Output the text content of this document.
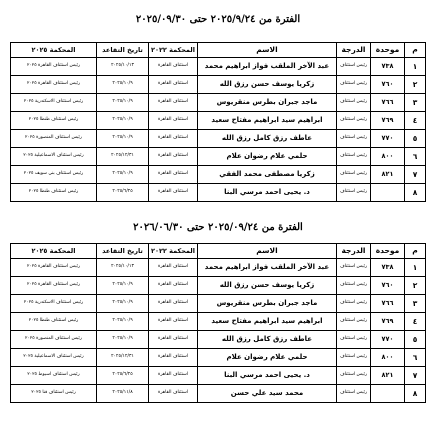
الفترة من ٢٠٢٥/٩/٢٤ حتى ٢٠٢٥/٠٩/٣٠
م	موحدة	الدرجة	الاسم	المحكمة ٢٠٢٢	تاريخ التقاعد	المحكمة ٢٠٢٥
١	٧٣٨	رئيس استئناف	عبد الآخر الملقب فواز ابراهيم محمد	استئناف القاهرة	٢٠٢٥/١٠/١٣	رئيس استئناف القاهرة ٢٠٢٥
٢	٧٦٠	رئيس استئناف	زكريا يوسف حسن رزق الله	استئناف القاهرة	٢٠٢٥/١٠/٩	رئيس استئناف القاهرة ٢٠٢٥
٣	٧٦٦	رئيس استئناف	ماجد جبران بطرس منقريوس	استئناف القاهرة	٢٠٢٥/١٠/٩	رئيس استئناف الاسكندرية ٢٠٢٥
٤	٧٦٩	رئيس استئناف	ابراهيم سيد ابراهيم مفتاح سعيد	استئناف القاهرة	٢٠٢٥/١٠/٩	رئيس استئناف طنطا ٢٠٢٥
٥	٧٧٠	رئيس استئناف	عاطف رزق كامل رزق الله	استئناف القاهرة	٢٠٢٥/١٠/٩	رئيس استئناف المنصورة ٢٠٢٥
٦	٨٠٠	رئيس استئناف	حلمي علام رضوان علام	استئناف القاهرة	٢٠٢٥/١٢/٣١	رئيس استئناف الاسماعيلية ٢٠٢٥
٧	٨٢١	رئيس استئناف	زكريا مصطفى محمد الفقي	استئناف القاهرة	٢٠٢٥/١٠/٩	رئيس استئناف بني سويف ٢٠٢٥
٨		رئيس استئناف	د. يحيى احمد مرسي البنا	استئناف القاهرة	٢٠٢٥/٦/٢٥	رئيس استئناف طنطا ٢٠٢٥
الفترة من ٢٠٢٥/٠٩/٢٤ حتى ٢٠٢٦/٠٦/٣٠
م	موحدة	الدرجة	الاسم	المحكمة ٢٠٢٢	تاريخ التقاعد	المحكمة ٢٠٢٥
١	٧٣٨	رئيس استئناف	عبد الآخر الملقب فواز ابراهيم محمد	استئناف القاهرة	٢٠٢٥/١٠/١٣	رئيس استئناف القاهرة ٢٠٢٥
٢	٧٦٠	رئيس استئناف	زكريا يوسف حسن رزق الله	استئناف القاهرة	٢٠٢٥/١٠/٩	رئيس استئناف القاهرة ٢٠٢٥
٣	٧٦٦	رئيس استئناف	ماجد جبران بطرس منقريوس	استئناف القاهرة	٢٠٢٥/١٠/٩	رئيس استئناف الاسكندرية ٢٠٢٥
٤	٧٦٩	رئيس استئناف	ابراهيم سيد ابراهيم مفتاح سعيد	استئناف القاهرة	٢٠٢٥/١٠/٩	رئيس استئناف طنطا ٢٠٢٥
٥	٧٧٠	رئيس استئناف	عاطف رزق كامل رزق الله	استئناف القاهرة	٢٠٢٥/١٠/٩	رئيس استئناف المنصورة ٢٠٢٥
٦	٨٠٠	رئيس استئناف	حلمي علام رضوان علام	استئناف القاهرة	٢٠٢٥/١٢/٣١	رئيس استئناف الاسماعيلية ٢٠٢٥
٧	٨٢١	رئيس استئناف	د. يحيى احمد مرسي البنا	استئناف القاهرة	٢٠٢٥/٦/٢٥	رئيس استئناف اسيوط ٢٠٢٥
٨		رئيس استئناف	محمد سيد علي حسن	استئناف القاهرة	٢٠٢٥/١١/٨	رئيس استئناف قنا ٢٠٢٥
